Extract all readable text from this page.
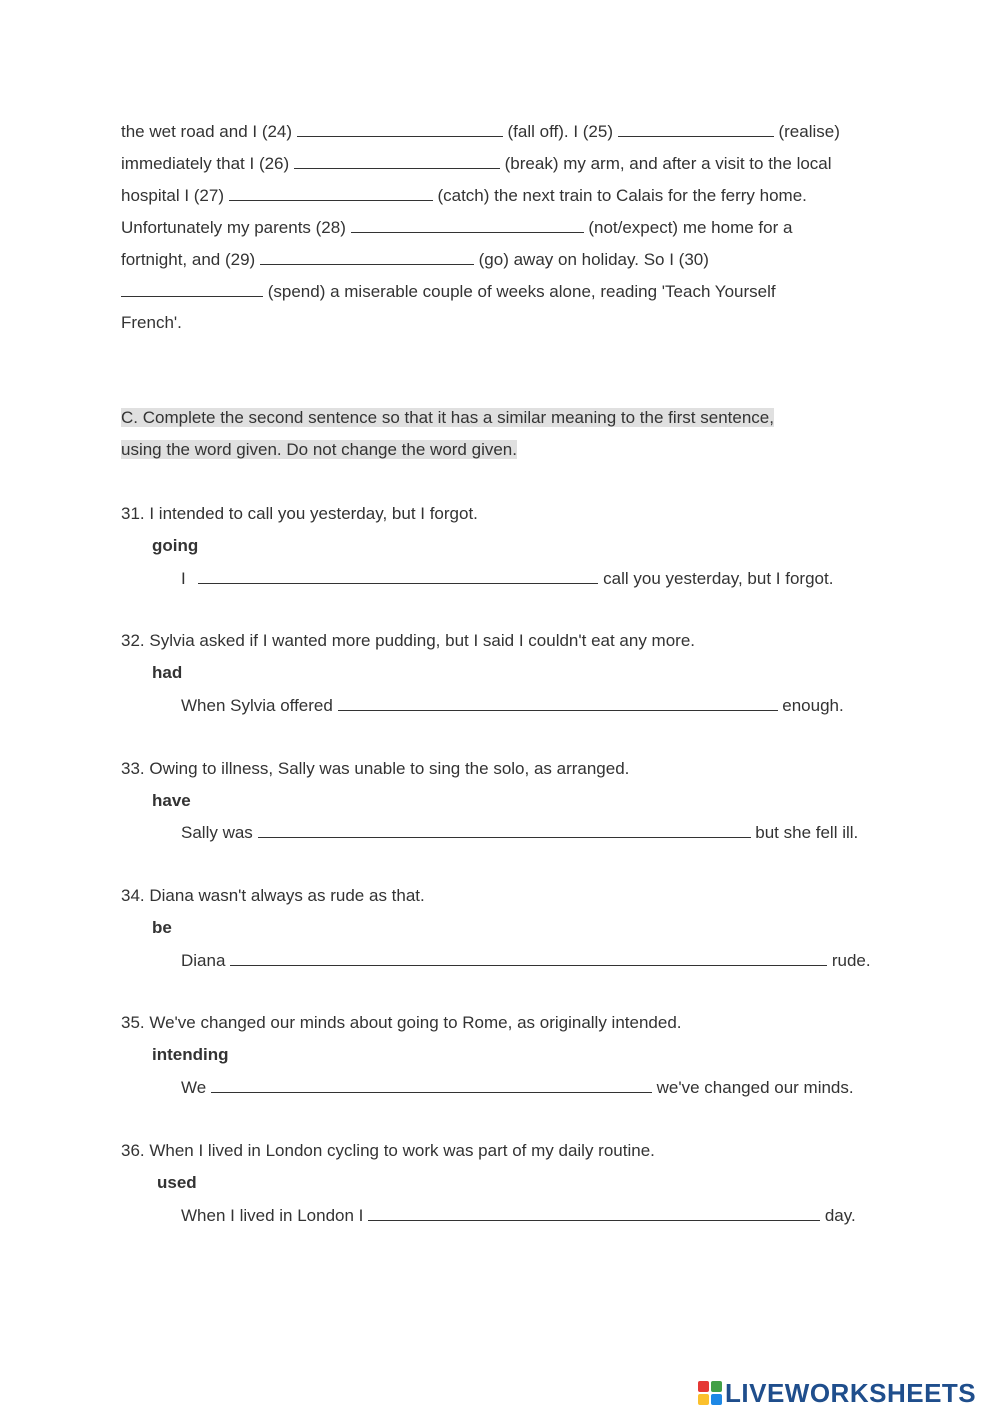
the wet road and I (24)	(fall off). I (25)	(realise)
immediately that I (26)	(break) my arm, and after a visit to the local
hospital I (27)	(catch) the next train to Calais for the ferry home.
Unfortunately my parents (28)	(not/expect) me home for a
fortnight, and (29)	(go) away on holiday. So I (30)
(spend) a miserable couple of weeks alone, reading 'Teach Yourself
French'.
C. Complete the second sentence so that it has a similar meaning to the first sentence,
using the word given. Do not change the word given.
31. I intended to call you yesterday, but I forgot.
going
I	call you yesterday, but I forgot.
32. Sylvia asked if I wanted more pudding, but I said I couldn't eat any more.
had
When Sylvia offered	enough.
33. Owing to illness, Sally was unable to sing the solo, as arranged.
have
Sally was	but she fell ill.
34. Diana wasn't always as rude as that.
be
Diana	rude.
35. We've changed our minds about going to Rome, as originally intended.
intending
We	we've changed our minds.
36. When I lived in London cycling to work was part of my daily routine.
used
When I lived in London I	day.
LIVEWORKSHEETS
